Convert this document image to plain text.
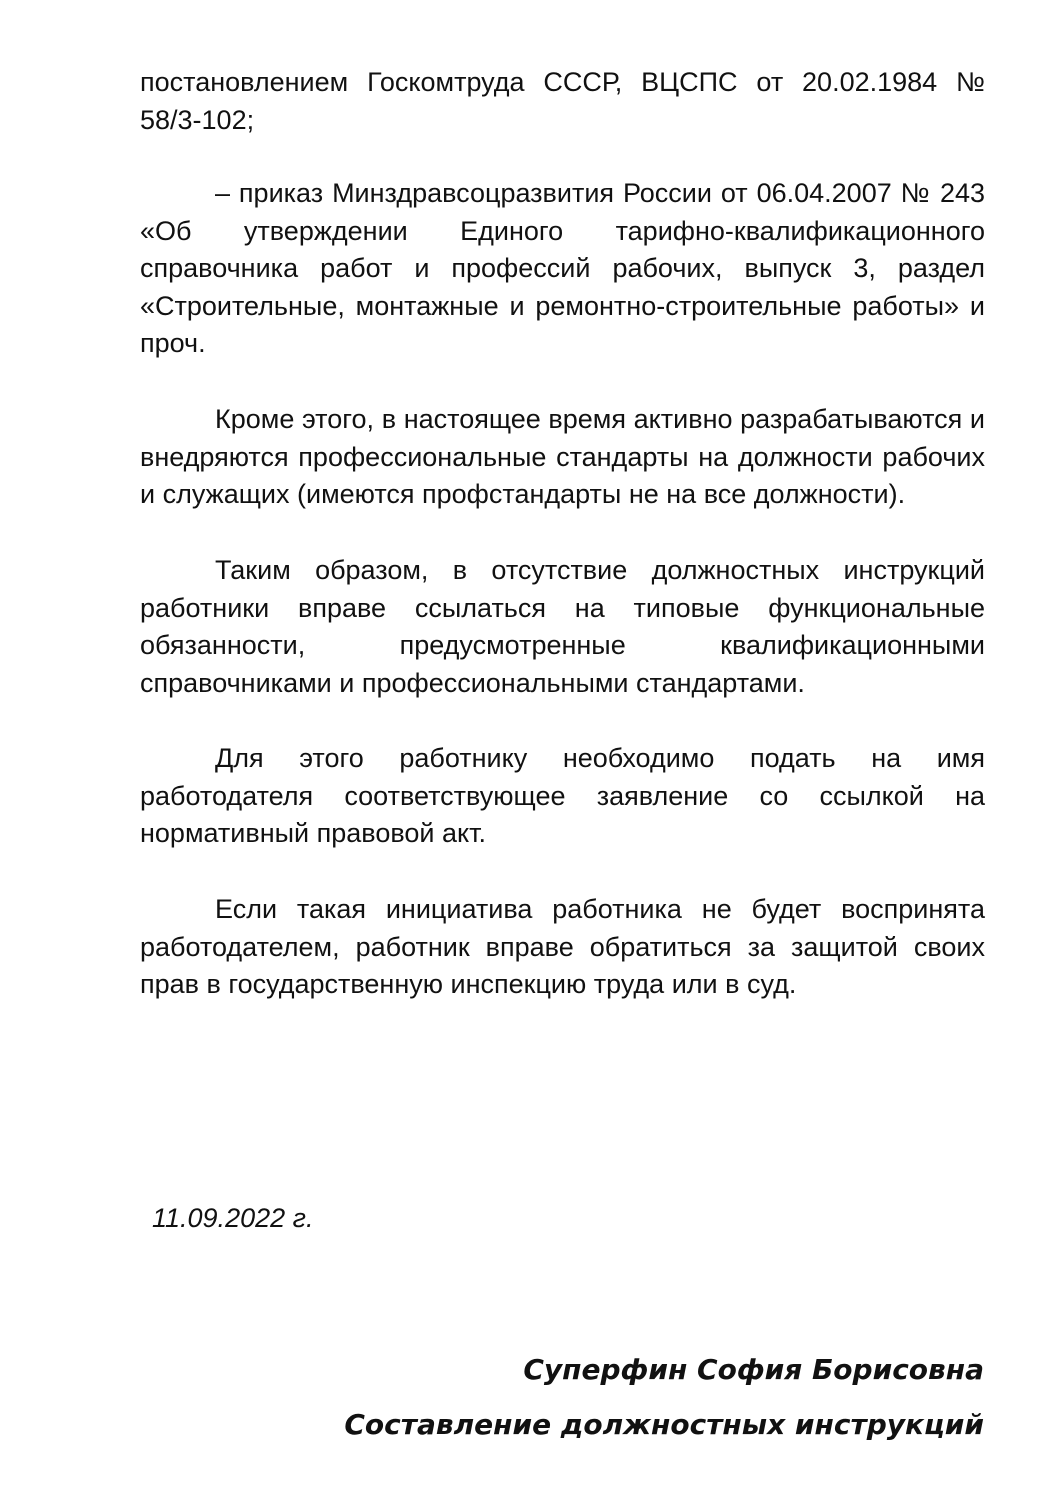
постановлением Госкомтруда СССР, ВЦСПС от 20.02.1984 № 58/3-102;

– приказ Минздравсоцразвития России от 06.04.2007 № 243 «Об утверждении Единого тарифно-квалификационного справочника работ и профессий рабочих, выпуск 3, раздел «Строительные, монтажные и ремонтно-строительные работы» и проч.

Кроме этого, в настоящее время активно разрабатываются и внедряются профессиональные стандарты на должности рабочих и служащих (имеются профстандарты не на все должности).

Таким образом, в отсутствие должностных инструкций работники вправе ссылаться на типовые функциональные обязанности, предусмотренные квалификационными справочниками и профессиональными стандартами.

Для этого работнику необходимо подать на имя работодателя соответствующее заявление со ссылкой на нормативный правовой акт.

Если такая инициатива работника не будет воспринята работодателем, работник вправе обратиться за защитой своих прав в государственную инспекцию труда или в суд.

11.09.2022 г.

Суперфин София Борисовна

Составление должностных инструкций
